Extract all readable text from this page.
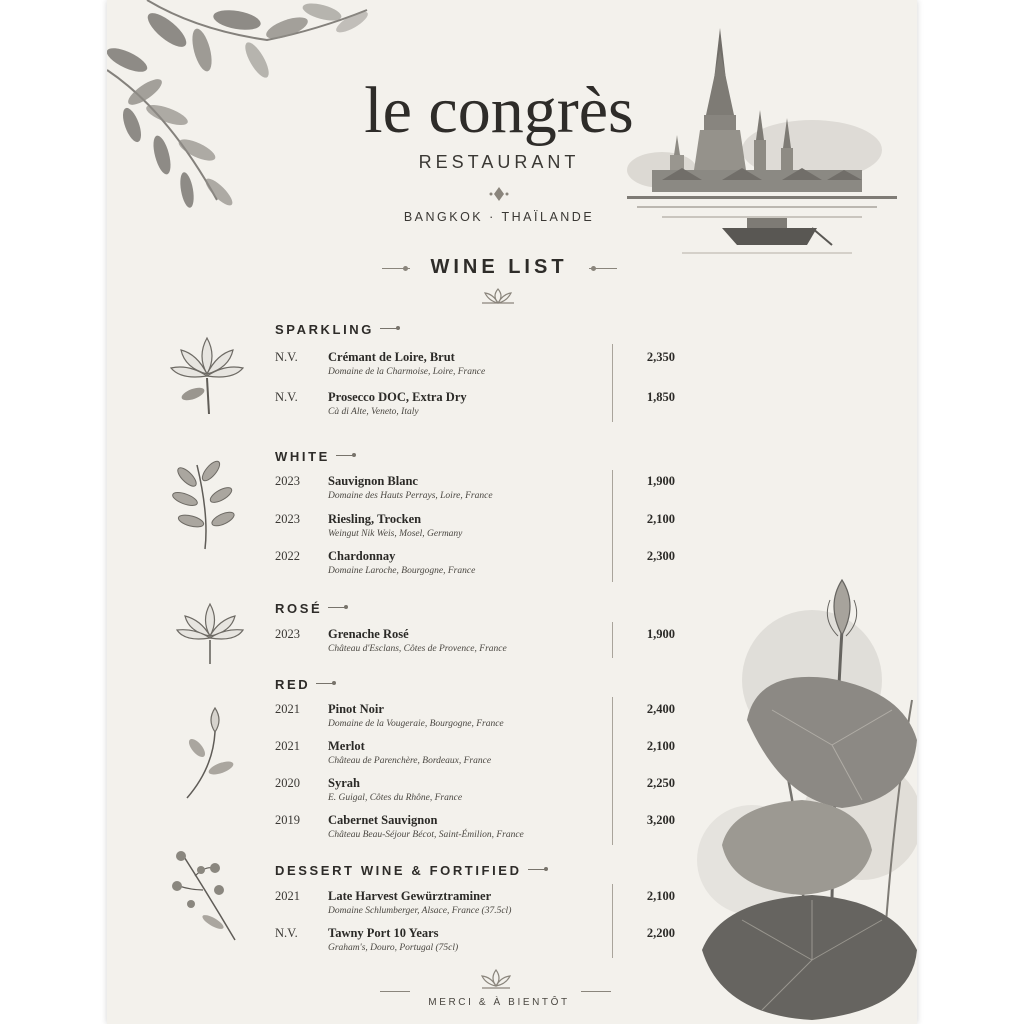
le congrès
RESTAURANT
BANGKOK · THAÏLANDE
WINE LIST
SPARKLING
N.V. Crémant de Loire, Brut
Domaine de la Charmoise, Loire, France
2,350
N.V. Prosecco DOC, Extra Dry
Cà di Alte, Veneto, Italy
1,850
WHITE
2023 Sauvignon Blanc
Domaine des Hauts Perrays, Loire, France
1,900
2023 Riesling, Trocken
Weingut Nik Weis, Mosel, Germany
2,100
2022 Chardonnay
Domaine Laroche, Bourgogne, France
2,300
ROSÉ
2023 Grenache Rosé
Château d'Esclans, Côtes de Provence, France
1,900
RED
2021 Pinot Noir
Domaine de la Vougeraie, Bourgogne, France
2,400
2021 Merlot
Château de Parenchère, Bordeaux, France
2,100
2020 Syrah
E. Guigal, Côtes du Rhône, France
2,250
2019 Cabernet Sauvignon
Château Beau-Séjour Bécot, Saint-Émilion, France
3,200
DESSERT WINE & FORTIFIED
2021 Late Harvest Gewürztraminer
Domaine Schlumberger, Alsace, France (37.5cl)
2,100
N.V. Tawny Port 10 Years
Graham's, Douro, Portugal (75cl)
2,200
MERCI & À BIENTÔT
